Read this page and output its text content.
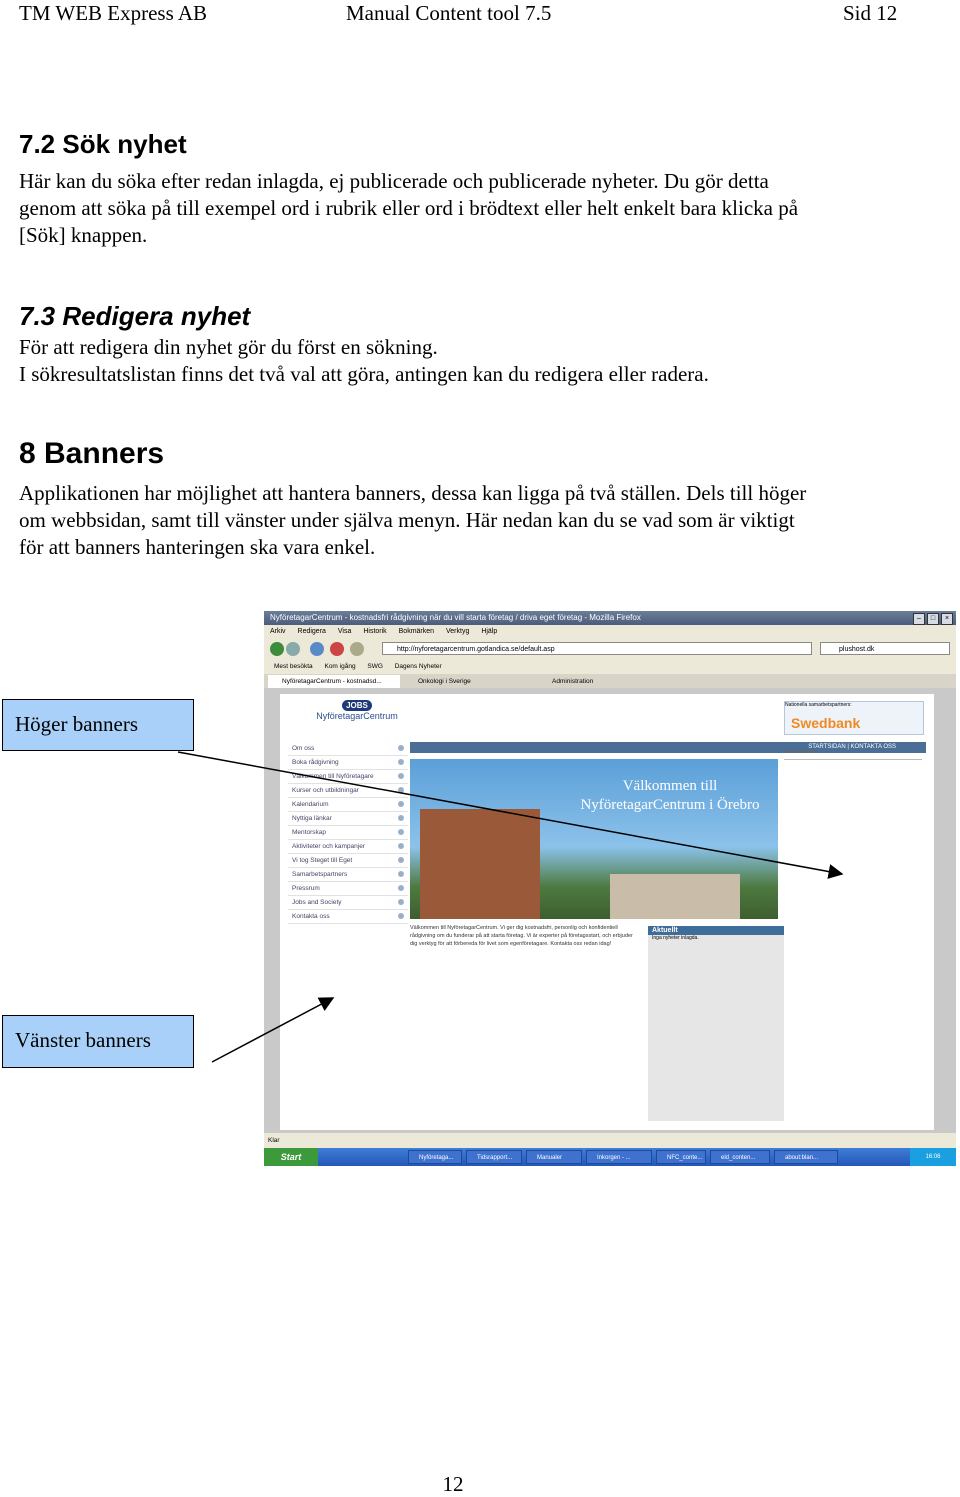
TM WEB Express AB	Manual Content tool 7.5	Sid 12
7.2 Sök nyhet

Här kan du söka efter redan inlagda, ej publicerade och publicerade nyheter. Du gör detta

genom att söka på till exempel ord i rubrik eller ord i brödtext eller helt enkelt bara klicka på

[Sök] knappen.

7.3 Redigera nyhet

För att redigera din nyhet gör du först en sökning.

I sökresultatslistan finns det två val att göra, antingen kan du redigera eller radera.

8 Banners

Applikationen har möjlighet att hantera banners, dessa kan ligga på två ställen. Dels till höger

om webbsidan, samt till vänster under själva menyn. Här nedan kan du se vad som är viktigt

för att banners hanteringen ska vara enkel.

NyföretagarCentrum - kostnadsfri rådgivning när du vill starta företag / driva eget företag - Mozilla Firefox	–	□	×
Arkiv Redigera Visa Historik Bokmärken Verktyg Hjälp
http://nyforetagarcentrum.gotlandica.se/default.asp	plushost.dk
Mest besökta Kom igång SWG Dagens Nyheter
NyföretagarCentrum - kostnadsd...	Onkologi i Sverige	Administration
JOBS
NyföretagarCentrum
Nationella samarbetspartners:
Swedbank
STARTSIDAN | KONTAKTA OSS
Om oss
Boka rådgivning
Välkommen till Nyföretagare
Kurser och utbildningar
Kalendarium
Nyttiga länkar
Mentorskap
Aktiviteter och kampanjer
Vi tog Steget till Eget
Samarbetspartners
Pressrum
Jobs and Society
Kontakta oss
Välkommen till
NyföretagarCentrum i Örebro
ANNONSERA
Välkommen till NyföretagarCentrum. Vi ger dig kostnadsfri, personlig och konfidentiell rådgivning om du funderar på att starta företag. Vi är experter på företagsstart, och erbjuder dig verktyg för att förbereda för livet som egenföretagare. Kontakta oss redan idag!
Aktuellt
Inga nyheter inlagda.
Klar
Start	Nyföretaga...	Tidsrapport...	Manualer	Inkorgen - ...	NFC_conte...	eld_conten...	about:blan...	16:06
Höger banners
Vänster banners
12
